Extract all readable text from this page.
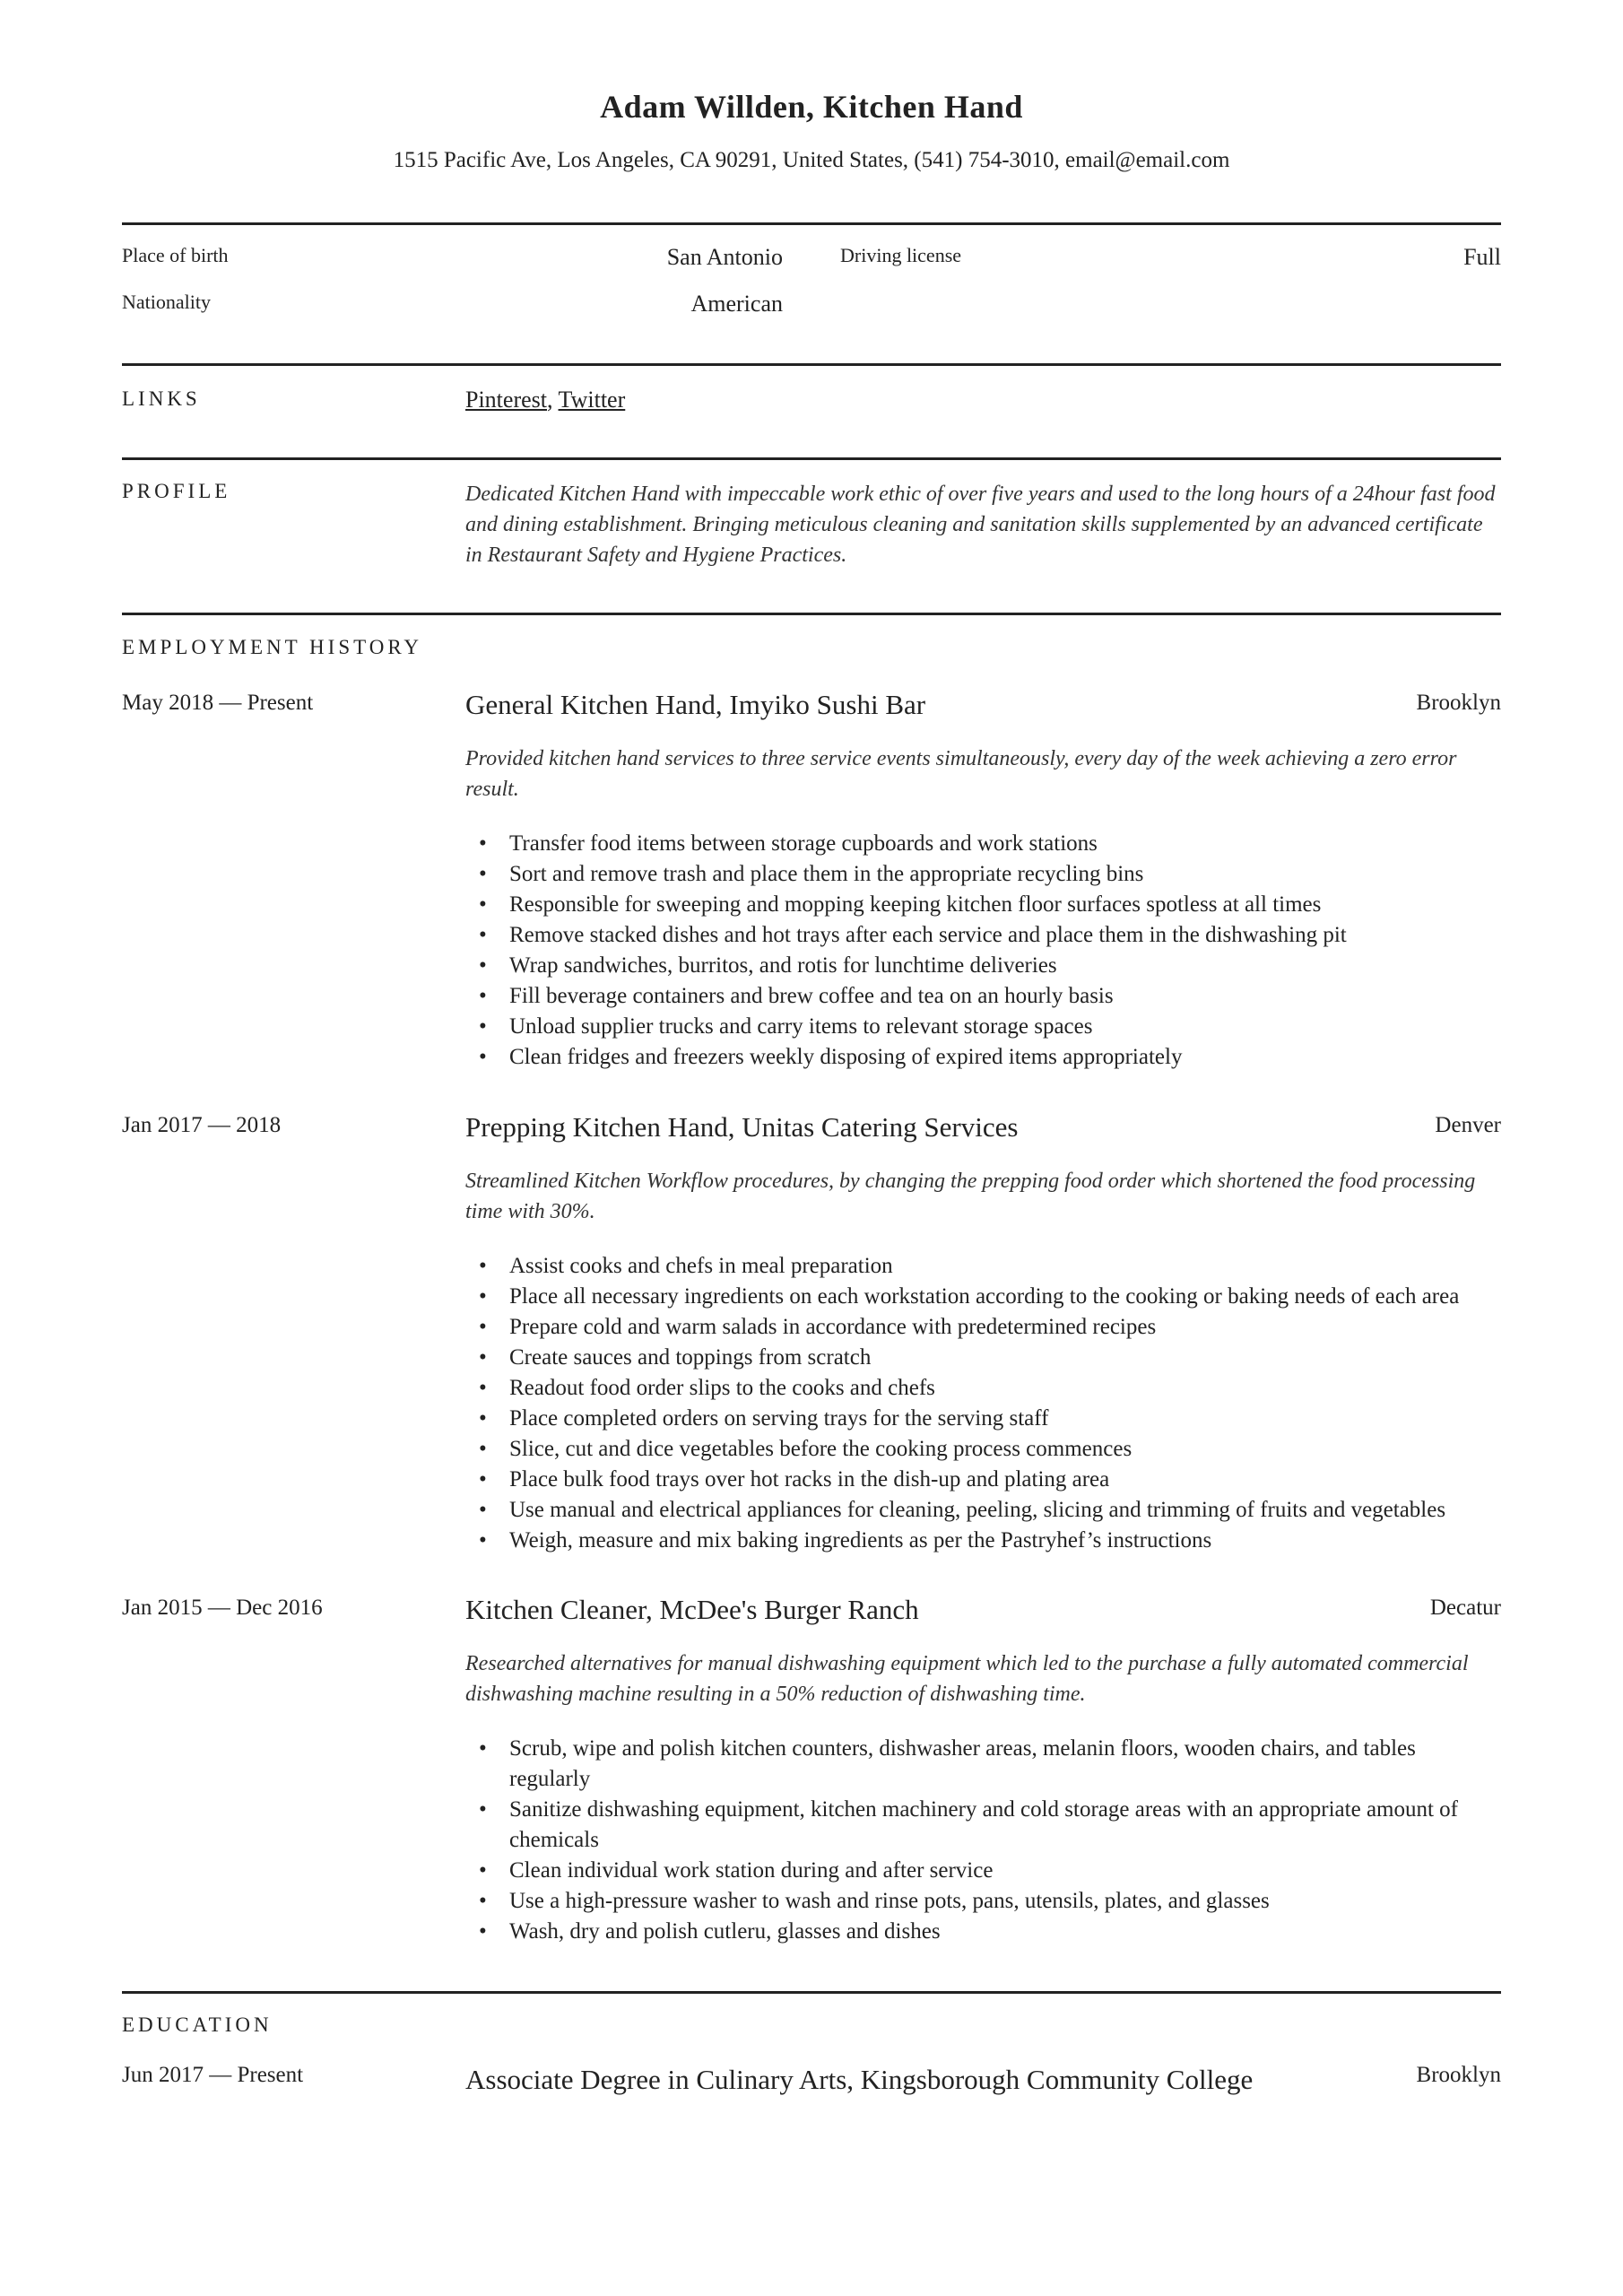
Adam Willden, Kitchen Hand
1515 Pacific Ave, Los Angeles, CA 90291, United States, (541) 754-3010, email@email.com
Place of birth	San Antonio	Driving license	Full
Nationality	American
LINKS	Pinterest, Twitter
PROFILE	Dedicated Kitchen Hand with impeccable work ethic of over five years and used to the long hours of a 24hour fast food and dining establishment. Bringing meticulous cleaning and sanitation skills supplemented by an advanced certificate in Restaurant Safety and Hygiene Practices.
EMPLOYMENT HISTORY
May 2018 — Present	General Kitchen Hand, Imyiko Sushi Bar	Brooklyn
Provided kitchen hand services to three service events simultaneously, every day of the week achieving a zero error result.
• Transfer food items between storage cupboards and work stations
• Sort and remove trash and place them in the appropriate recycling bins
• Responsible for sweeping and mopping keeping kitchen floor surfaces spotless at all times
• Remove stacked dishes and hot trays after each service and place them in the dishwashing pit
• Wrap sandwiches, burritos, and rotis for lunchtime deliveries
• Fill beverage containers and brew coffee and tea on an hourly basis
• Unload supplier trucks and carry items to relevant storage spaces
• Clean fridges and freezers weekly disposing of expired items appropriately
Jan 2017 — 2018	Prepping Kitchen Hand, Unitas Catering Services	Denver
Streamlined Kitchen Workflow procedures, by changing the prepping food order which shortened the food processing time with 30%.
• Assist cooks and chefs in meal preparation
• Place all necessary ingredients on each workstation according to the cooking or baking needs of each area
• Prepare cold and warm salads in accordance with predetermined recipes
• Create sauces and toppings from scratch
• Readout food order slips to the cooks and chefs
• Place completed orders on serving trays for the serving staff
• Slice, cut and dice vegetables before the cooking process commences
• Place bulk food trays over hot racks in the dish-up and plating area
• Use manual and electrical appliances for cleaning, peeling, slicing and trimming of fruits and vegetables
• Weigh, measure and mix baking ingredients as per the Pastryhef’s instructions
Jan 2015 — Dec 2016	Kitchen Cleaner, McDee's Burger Ranch	Decatur
Researched alternatives for manual dishwashing equipment which led to the purchase a fully automated commercial dishwashing machine resulting in a 50% reduction of dishwashing time.
• Scrub, wipe and polish kitchen counters, dishwasher areas, melanin floors, wooden chairs, and tables regularly
• Sanitize dishwashing equipment, kitchen machinery and cold storage areas with an appropriate amount of chemicals
• Clean individual work station during and after service
• Use a high-pressure washer to wash and rinse pots, pans, utensils, plates, and glasses
• Wash, dry and polish cutleru, glasses and dishes
EDUCATION
Jun 2017 — Present	Associate Degree in Culinary Arts, Kingsborough Community College	Brooklyn
